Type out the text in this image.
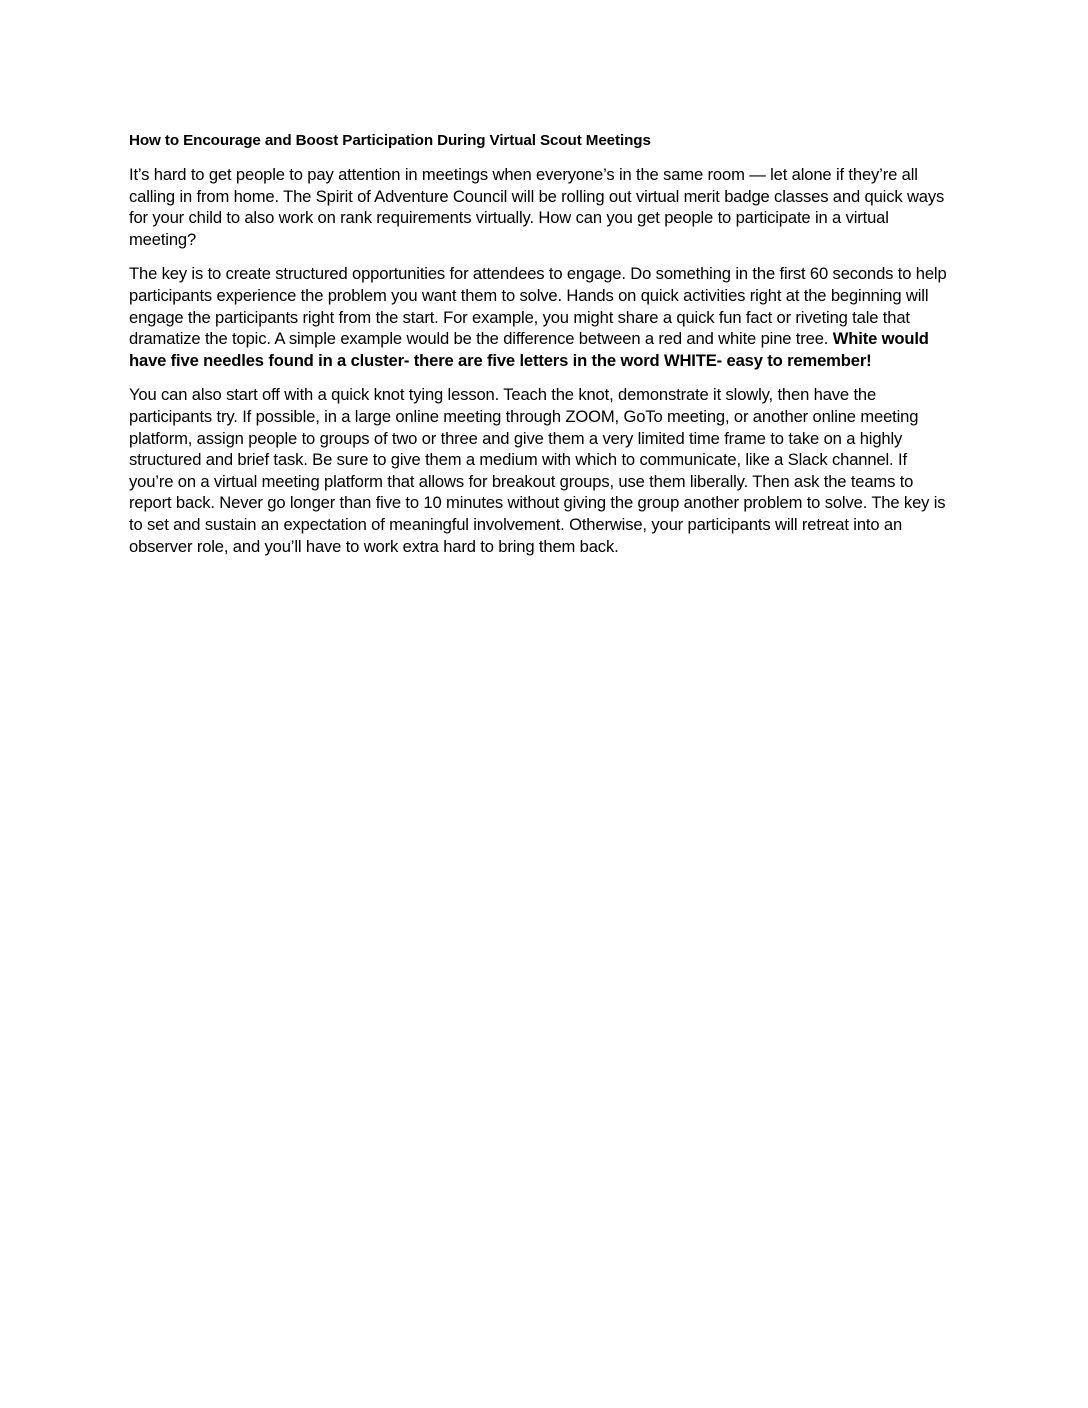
How to Encourage and Boost Participation During Virtual Scout Meetings

It’s hard to get people to pay attention in meetings when everyone’s in the same room — let alone if they’re all calling in from home. The Spirit of Adventure Council will be rolling out virtual merit badge classes and quick ways for your child to also work on rank requirements virtually. How can you get people to participate in a virtual meeting?

The key is to create structured opportunities for attendees to engage. Do something in the first 60 seconds to help participants experience the problem you want them to solve. Hands on quick activities right at the beginning will engage the participants right from the start. For example, you might share a quick fun fact or riveting tale that dramatize the topic. A simple example would be the difference between a red and white pine tree. White would have five needles found in a cluster- there are five letters in the word WHITE- easy to remember!

You can also start off with a quick knot tying lesson. Teach the knot, demonstrate it slowly, then have the participants try. If possible, in a large online meeting through ZOOM, GoTo meeting, or another online meeting platform, assign people to groups of two or three and give them a very limited time frame to take on a highly structured and brief task. Be sure to give them a medium with which to communicate, like a Slack channel. If you’re on a virtual meeting platform that allows for breakout groups, use them liberally. Then ask the teams to report back. Never go longer than five to 10 minutes without giving the group another problem to solve. The key is to set and sustain an expectation of meaningful involvement. Otherwise, your participants will retreat into an observer role, and you’ll have to work extra hard to bring them back.
